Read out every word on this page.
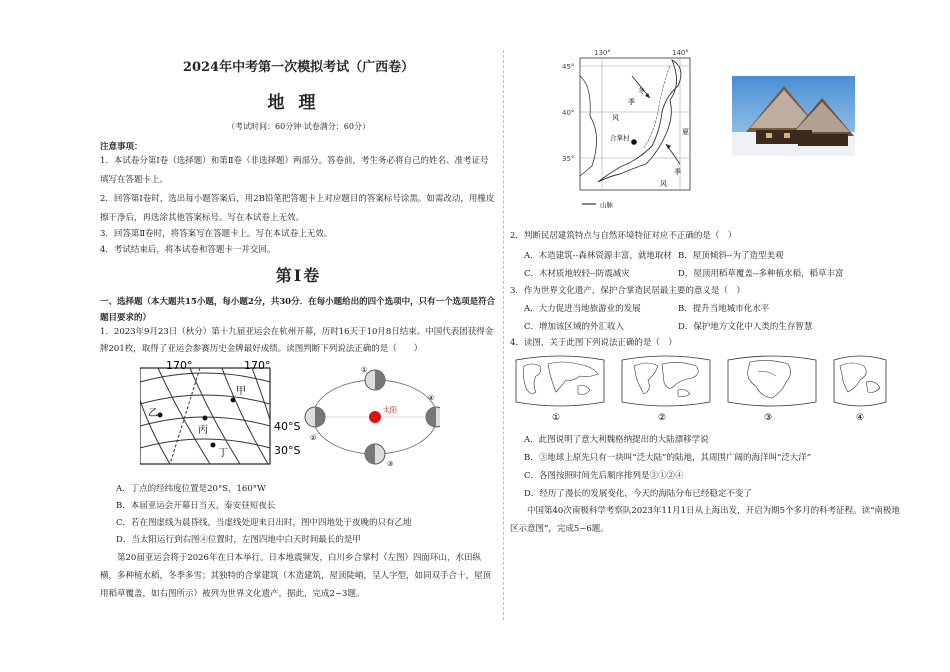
2024年中考第一次模拟考试（广西卷）
地理
（考试时间：60分钟 试卷满分：60分）
注意事项：
1．本试卷分第Ⅰ卷（选择题）和第Ⅱ卷（非选择题）两部分。答卷前，考生务必将自己的姓名、准考证号填写在答题卡上。
2．回答第Ⅰ卷时，选出每小题答案后，用2B铅笔把答题卡上对应题目的答案标号涂黑。如需改动，用橡皮擦干净后，再选涂其他答案标号。写在本试卷上无效。
3．回答第Ⅱ卷时，将答案写在答题卡上。写在本试卷上无效。
4．考试结束后，将本试卷和答题卡一并交回。
第Ⅰ卷
一、选择题（本大题共15小题，每小题2分，共30分．在每小题给出的四个选项中，只有一个选项是符合题目要求的）
1．2023年9月23日（秋分）第十九届亚运会在杭州开幕，历时16天于10月8日结束。中国代表团获得金牌201枚，取得了亚运会参赛历史金牌最好成绩。读图判断下列说法正确的是（　　）
甲
乙
丙
丁
170°	170°
40°S
30°S
太阳
①
②
③
④
A．丁点的经纬度位置是20°S，160°W
B．本届亚运会开幕日当天，泰安昼短夜长
C．若在图虚线为晨昏线，当虚线处迎来日出时，图中四地处于夜晚的只有乙地
D．当太阳运行到右图④位置时，左图四地中白天时间最长的是甲
第20届亚运会将于2026年在日本举行。日本地震频发，白川乡合掌村（左图）四面环山，水田纵横，多种植水稻，冬季多雪；其独特的合掌建筑（木造建筑，屋顶陡峭，呈人字型，如同双手合十，屋顶用稻草覆盖，如右图所示）被列为世界文化遗产。据此，完成2~3题。
130°	140°
45°
40°
35°
冬
季
风
夏
季
风
合掌村
山脉
2．判断民居建筑特点与自然环境特征对应不正确的是（　）
A．木造建筑--森林资源丰富，就地取材 B．屋顶倾斜--为了造型美观
C．木材质地较轻--防震减灾	D．屋顶用稻草覆盖--多种植水稻，稻草丰富
3．作为世界文化遗产，保护合掌造民居最主要的意义是（　）
A．大力促进当地旅游业的发展	B．提升当地城市化水平
C．增加该区域的外汇收入	D．保护地方文化中人类的生存智慧
4．读图，关于此图下列说法正确的是（　）
①	②	③	④
A．此图说明了意大利魏格纳提出的大陆漂移学说
B．③地球上原先只有一块叫“泛大陆”的陆地，其周围广阔的海洋叫“泛大洋”
C．各图按照时间先后顺序排列是③①②④
D．经历了漫长的发展变化，今天的海陆分布已经稳定不变了
中国第40次南极科学考察队2023年11月1日从上海出发，开启为期5个多月的科考征程。读“南极地区示意图”，完成5~6题。
